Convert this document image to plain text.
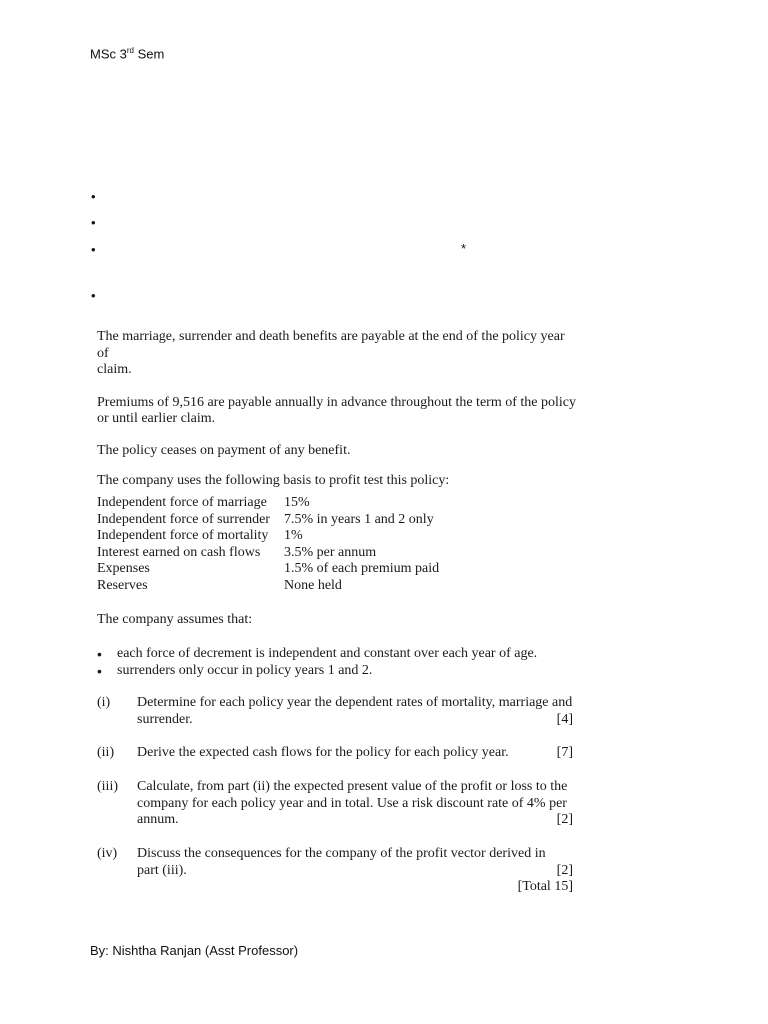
MSc 3rd Sem
•
•
•	*
•

The marriage, surrender and death benefits are payable at the end of the policy year of
claim.

Premiums of 9,516 are payable annually in advance throughout the term of the policy
or until earlier claim.

The policy ceases on payment of any benefit.

The company uses the following basis to profit test this policy:

Independent force of marriage	15%
Independent force of surrender	7.5% in years 1 and 2 only
Independent force of mortality	1%
Interest earned on cash flows	3.5% per annum
Expenses	1.5% of each premium paid
Reserves	None held
The company assumes that:
•	each force of decrement is independent and constant over each year of age.
•	surrenders only occur in policy years 1 and 2.
(i) Determine for each policy year the dependent rates of mortality, marriage and
surrender.	[4]
(ii) Derive the expected cash flows for the policy for each policy year.	[7]
(iii) Calculate, from part (ii) the expected present value of the profit or loss to the
company for each policy year and in total. Use a risk discount rate of 4% per
annum.	[2]
(iv) Discuss the consequences for the company of the profit vector derived in
part (iii).	[2]
[Total 15]
By: Nishtha Ranjan (Asst Professor)
